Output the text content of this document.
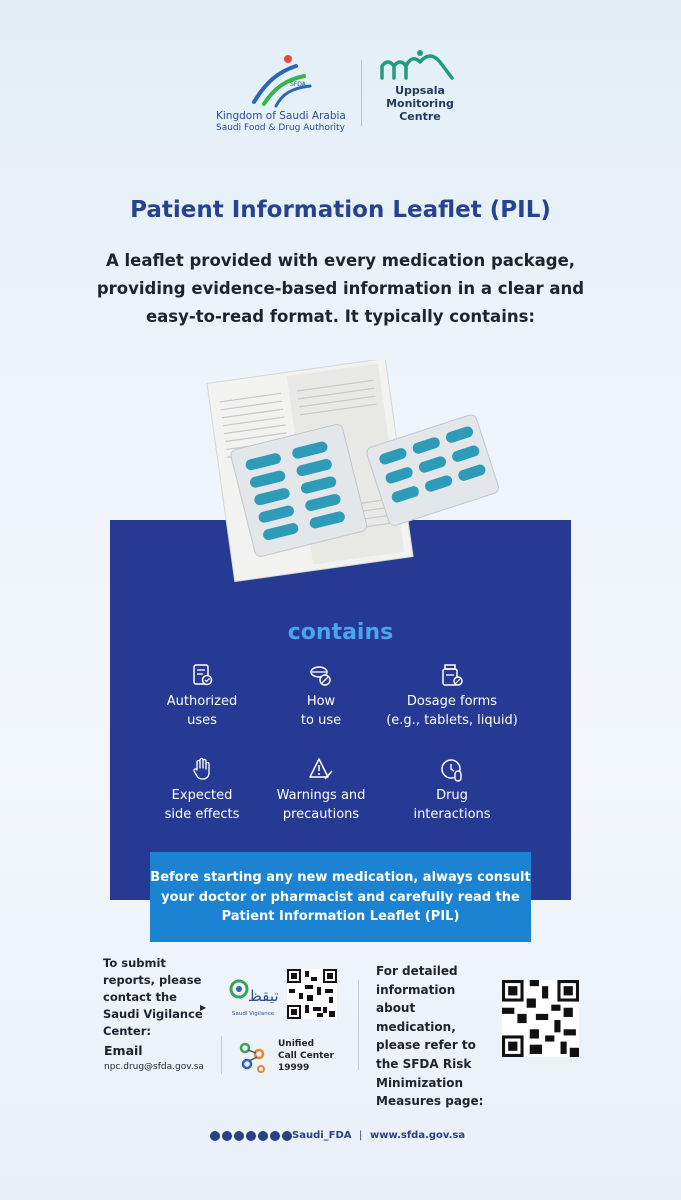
SFDA
Kingdom of Saudi Arabia
Saudi Food & Drug Authority
Uppsala
Monitoring
Centre
Patient Information Leaflet (PIL)
A leaflet provided with every medication package, providing evidence-based information in a clear and easy-to-read format. It typically contains:
contains
Authorized
uses
How
to use
Dosage forms
(e.g., tablets, liquid)
Expected
side effects
Warnings and
precautions
Drug
interactions
Before starting any new medication, always consult your doctor or pharmacist and carefully read the Patient Information Leaflet (PIL)
To submit reports, please contact the Saudi Vigilance Center:
▶
تيقظ
Saudi Vigilance
Email
npc.drug@sfda.gov.sa
Unified
Call Center
19999
For detailed information about medication, please refer to the SFDA Risk Minimization Measures page:
Saudi_FDA | www.sfda.gov.sa
